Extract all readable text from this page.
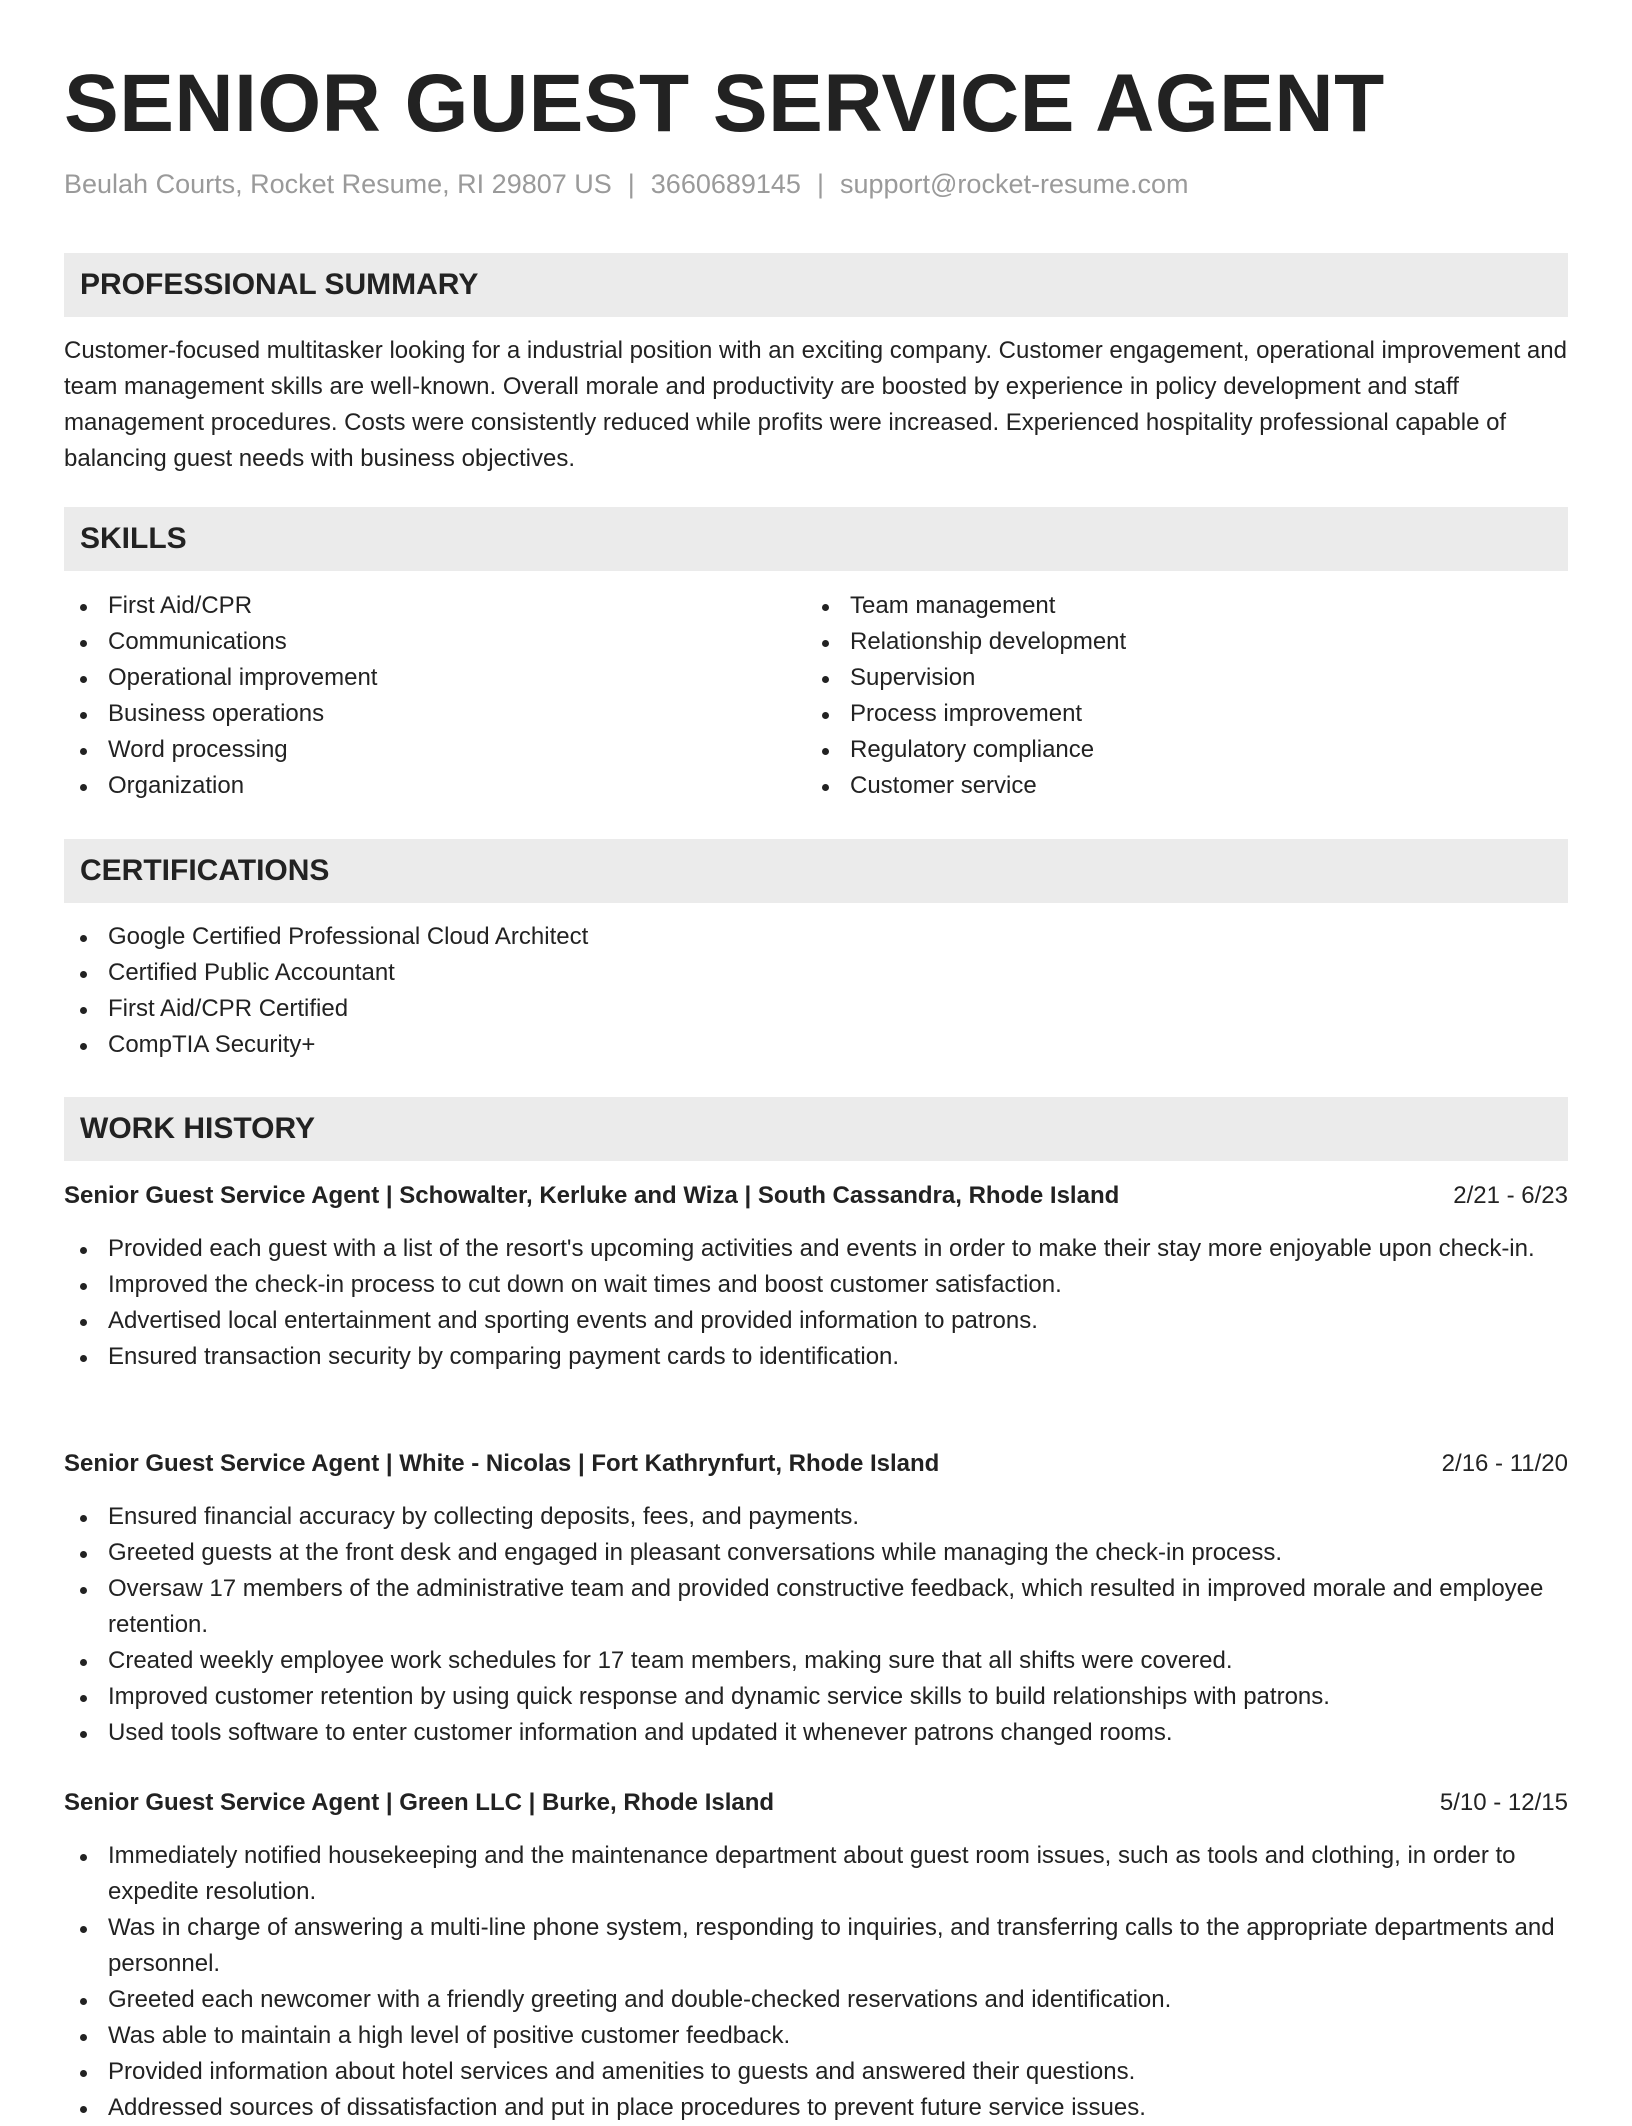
SENIOR GUEST SERVICE AGENT
Beulah Courts, Rocket Resume, RI 29807 US | 3660689145 | support@rocket-resume.com
PROFESSIONAL SUMMARY

Customer-focused multitasker looking for a industrial position with an exciting company. Customer engagement, operational improvement and team management skills are well-known. Overall morale and productivity are boosted by experience in policy development and staff management procedures. Costs were consistently reduced while profits were increased. Experienced hospitality professional capable of balancing guest needs with business objectives.

SKILLS
First Aid/CPR
Communications
Operational improvement
Business operations
Word processing
Organization
Team management
Relationship development
Supervision
Process improvement
Regulatory compliance
Customer service
CERTIFICATIONS
Google Certified Professional Cloud Architect
Certified Public Accountant
First Aid/CPR Certified
CompTIA Security+
WORK HISTORY
Senior Guest Service Agent | Schowalter, Kerluke and Wiza | South Cassandra, Rhode Island	2/21 - 6/23
Provided each guest with a list of the resort's upcoming activities and events in order to make their stay more enjoyable upon check-in.
Improved the check-in process to cut down on wait times and boost customer satisfaction.
Advertised local entertainment and sporting events and provided information to patrons.
Ensured transaction security by comparing payment cards to identification.
Senior Guest Service Agent | White - Nicolas | Fort Kathrynfurt, Rhode Island	2/16 - 11/20
Ensured financial accuracy by collecting deposits, fees, and payments.
Greeted guests at the front desk and engaged in pleasant conversations while managing the check-in process.
Oversaw 17 members of the administrative team and provided constructive feedback, which resulted in improved morale and employee retention.
Created weekly employee work schedules for 17 team members, making sure that all shifts were covered.
Improved customer retention by using quick response and dynamic service skills to build relationships with patrons.
Used tools software to enter customer information and updated it whenever patrons changed rooms.
Senior Guest Service Agent | Green LLC | Burke, Rhode Island	5/10 - 12/15
Immediately notified housekeeping and the maintenance department about guest room issues, such as tools and clothing, in order to expedite resolution.
Was in charge of answering a multi-line phone system, responding to inquiries, and transferring calls to the appropriate departments and personnel.
Greeted each newcomer with a friendly greeting and double-checked reservations and identification.
Was able to maintain a high level of positive customer feedback.
Provided information about hotel services and amenities to guests and answered their questions.
Addressed sources of dissatisfaction and put in place procedures to prevent future service issues.
